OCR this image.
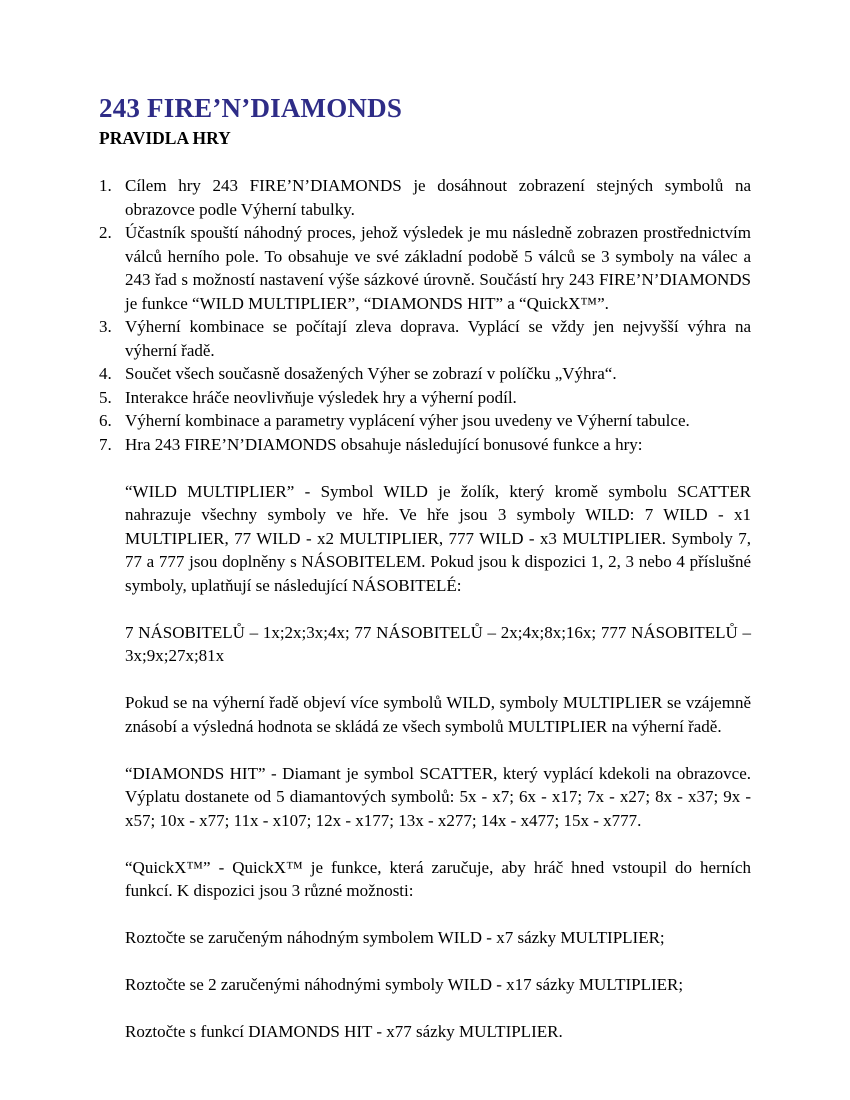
243 FIRE’N’DIAMONDS
PRAVIDLA HRY
1. Cílem hry 243 FIRE’N’DIAMONDS je dosáhnout zobrazení stejných symbolů na obrazovce podle Výherní tabulky.
2. Účastník spouští náhodný proces, jehož výsledek je mu následně zobrazen prostřednictvím válců herního pole. To obsahuje ve své základní podobě 5 válců se 3 symboly na válec a 243 řad s možností nastavení výše sázkové úrovně. Součástí hry 243 FIRE’N’DIAMONDS je funkce “WILD MULTIPLIER”, “DIAMONDS HIT” a “QuickX™”.
3. Výherní kombinace se počítají zleva doprava. Vyplácí se vždy jen nejvyšší výhra na výherní řadě.
4. Součet všech současně dosažených Výher se zobrazí v políčku „Výhra“.
5. Interakce hráče neovlivňuje výsledek hry a výherní podíl.
6. Výherní kombinace a parametry vyplácení výher jsou uvedeny ve Výherní tabulce.
7. Hra 243 FIRE’N’DIAMONDS obsahuje následující bonusové funkce a hry:

“WILD MULTIPLIER” - Symbol WILD je žolík, který kromě symbolu SCATTER nahrazuje všechny symboly ve hře. Ve hře jsou 3 symboly WILD: 7 WILD - x1 MULTIPLIER, 77 WILD - x2 MULTIPLIER, 777 WILD - x3 MULTIPLIER. Symboly 7, 77 a 777 jsou doplněny s NÁSOBITELEM. Pokud jsou k dispozici 1, 2, 3 nebo 4 příslušné symboly, uplatňují se následující NÁSOBITELÉ:

7 NÁSOBITELŮ – 1x;2x;3x;4x; 77 NÁSOBITELŮ – 2x;4x;8x;16x; 777 NÁSOBITELŮ – 3x;9x;27x;81x

Pokud se na výherní řadě objeví více symbolů WILD, symboly MULTIPLIER se vzájemně znásobí a výsledná hodnota se skládá ze všech symbolů MULTIPLIER na výherní řadě.

“DIAMONDS HIT” - Diamant je symbol SCATTER, který vyplácí kdekoli na obrazovce. Výplatu dostanete od 5 diamantových symbolů: 5x - x7; 6x - x17; 7x - x27; 8x - x37; 9x - x57; 10x - x77; 11x - x107; 12x - x177; 13x - x277; 14x - x477; 15x - x777.

“QuickX™” - QuickX™ je funkce, která zaručuje, aby hráč hned vstoupil do herních funkcí. K dispozici jsou 3 různé možnosti:

Roztočte se zaručeným náhodným symbolem WILD - x7 sázky MULTIPLIER;

Roztočte se 2 zaručenými náhodnými symboly WILD - x17 sázky MULTIPLIER;

Roztočte s funkcí DIAMONDS HIT - x77 sázky MULTIPLIER.
